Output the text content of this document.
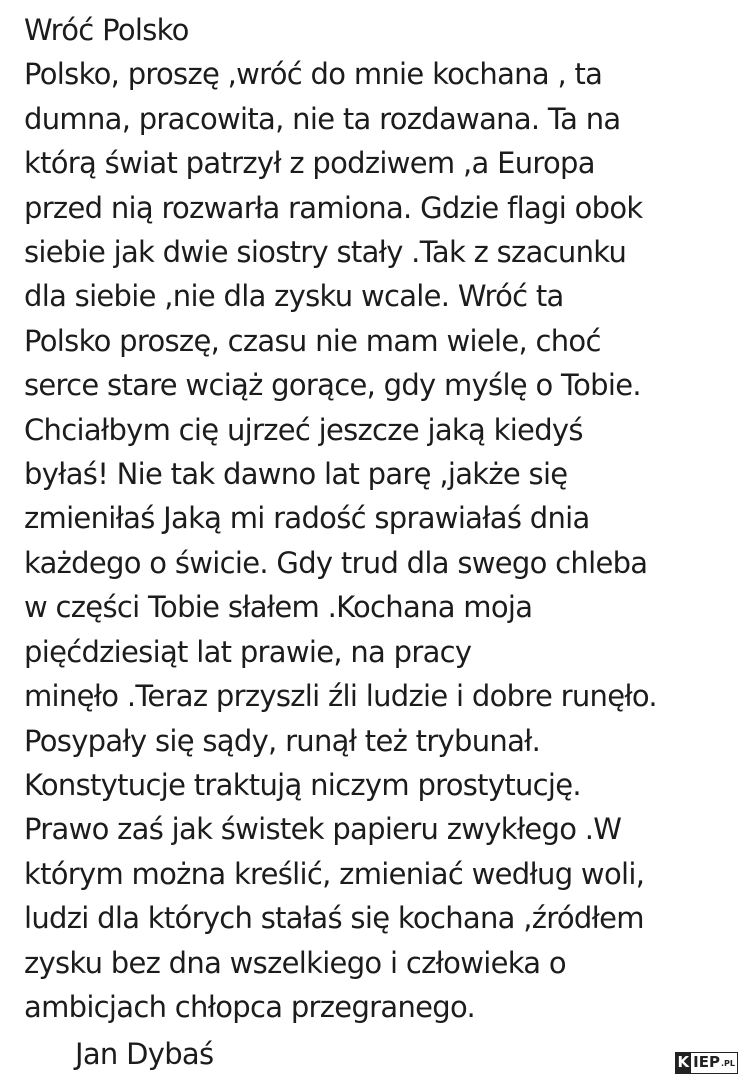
Wróć Polsko
Polsko, proszę ,wróć do mnie kochana , ta
dumna, pracowita, nie ta rozdawana. Ta na
którą świat patrzył z podziwem ,a Europa
przed nią rozwarła ramiona. Gdzie flagi obok
siebie jak dwie siostry stały .Tak z szacunku
dla siebie ,nie dla zysku wcale. Wróć ta
Polsko proszę, czasu nie mam wiele, choć
serce stare wciąż gorące, gdy myślę o Tobie.
Chciałbym cię ujrzeć jeszcze jaką kiedyś
byłaś! Nie tak dawno lat parę ,jakże się
zmieniłaś Jaką mi radość sprawiałaś dnia
każdego o świcie. Gdy trud dla swego chleba
w części Tobie słałem .Kochana moja
pięćdziesiąt lat prawie, na pracy
minęło .Teraz przyszli źli ludzie i dobre runęło.
Posypały się sądy, runął też trybunał.
Konstytucje traktują niczym prostytucję.
Prawo zaś jak świstek papieru zwykłego .W
którym można kreślić, zmieniać według woli,
ludzi dla których stałaś się kochana ,źródłem
zysku bez dna wszelkiego i człowieka o
ambicjach chłopca przegranego.
Jan Dybaś	K IEP .PL
